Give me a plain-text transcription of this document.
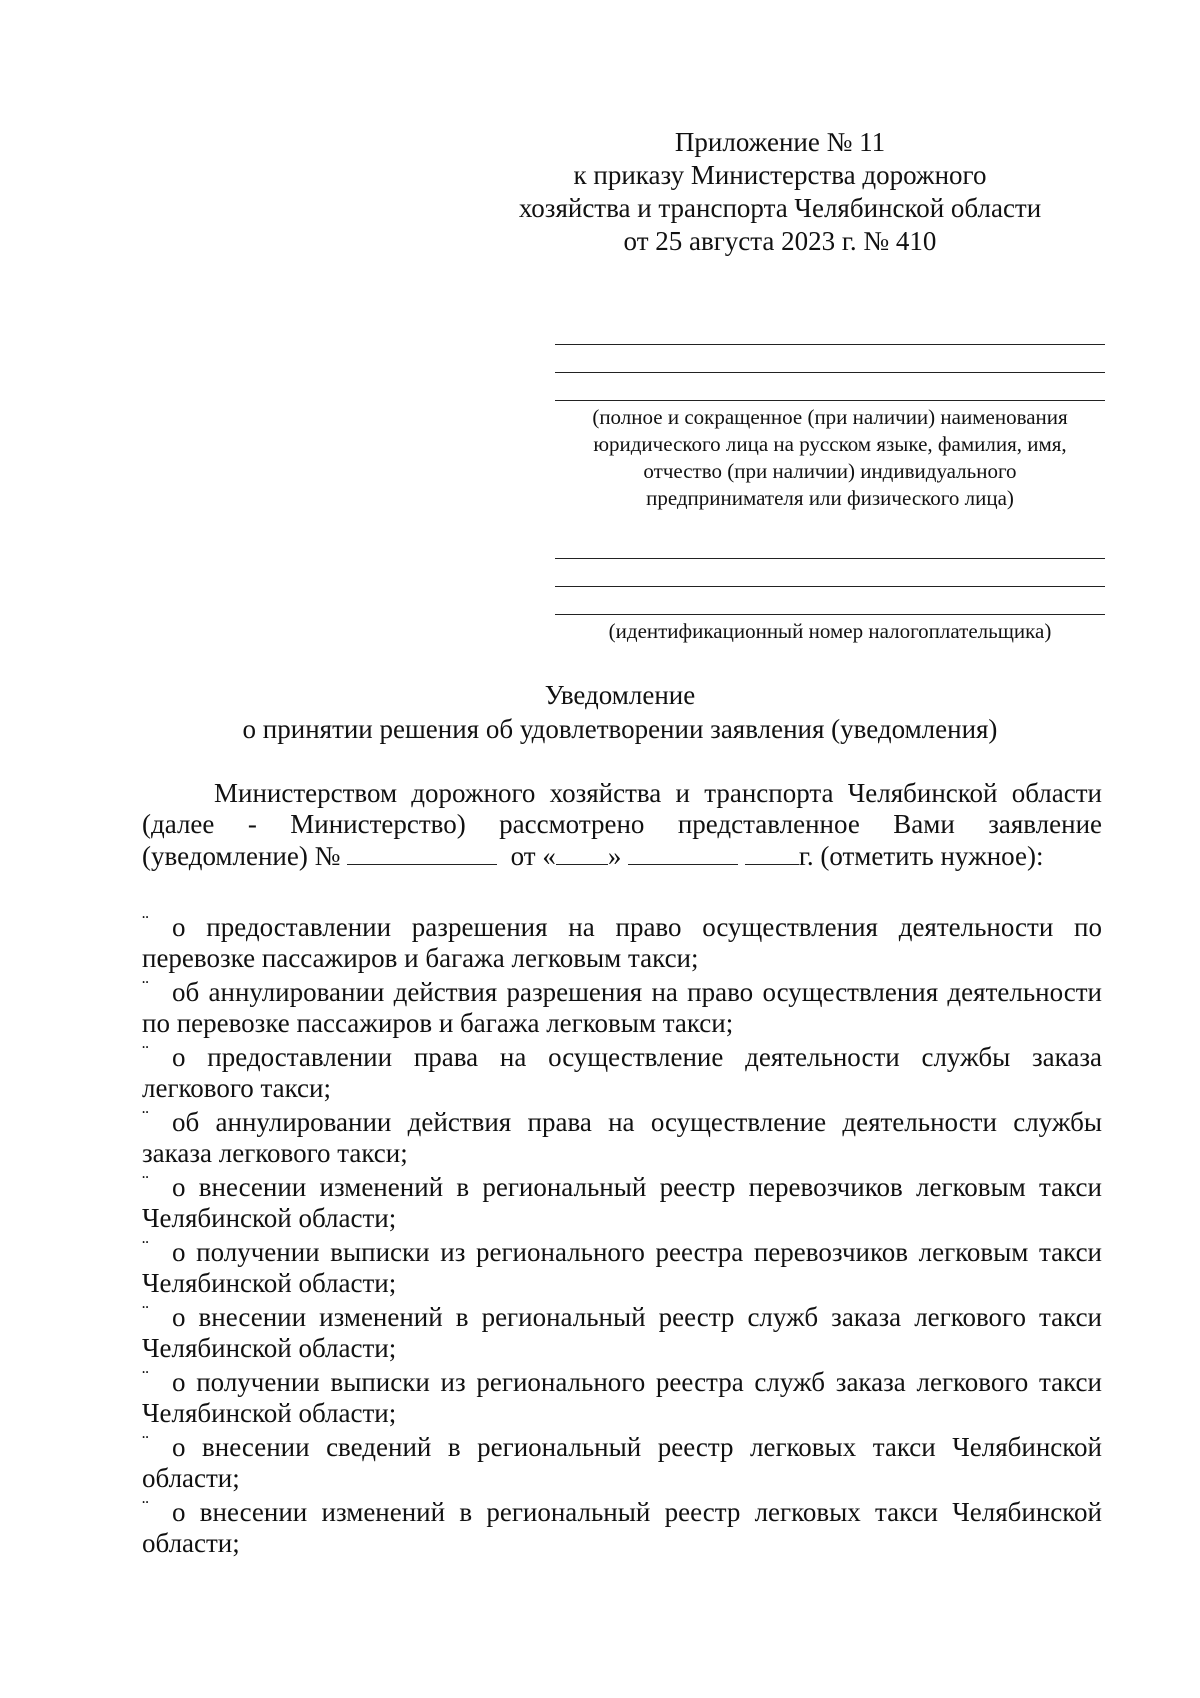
Приложение № 11
к приказу Министерства дорожного
хозяйства и транспорта Челябинской области
от 25 августа 2023 г. № 410
(полное и сокращенное (при наличии) наименования
юридического лица на русском языке, фамилия, имя,
отчество (при наличии) индивидуального
предпринимателя или физического лица)
(идентификационный номер налогоплательщика)
Уведомление
о принятии решения об удовлетворении заявления (уведомления)

Министерством дорожного хозяйства и транспорта Челябинской области (далее - Министерство) рассмотрено представленное Вами заявление (уведомление) №	от « »	г. (отметить нужное):

¨ о предоставлении разрешения на право осуществления деятельности по перевозке пассажиров и багажа легковым такси;

¨ об аннулировании действия разрешения на право осуществления деятельности по перевозке пассажиров и багажа легковым такси;

¨ о предоставлении права на осуществление деятельности службы заказа легкового такси;

¨ об аннулировании действия права на осуществление деятельности службы заказа легкового такси;

¨ о внесении изменений в региональный реестр перевозчиков легковым такси Челябинской области;

¨ о получении выписки из регионального реестра перевозчиков легковым такси Челябинской области;

¨ о внесении изменений в региональный реестр служб заказа легкового такси Челябинской области;

¨ о получении выписки из регионального реестра служб заказа легкового такси Челябинской области;

¨ о внесении сведений в региональный реестр легковых такси Челябинской области;

¨ о внесении изменений в региональный реестр легковых такси Челябинской области;
